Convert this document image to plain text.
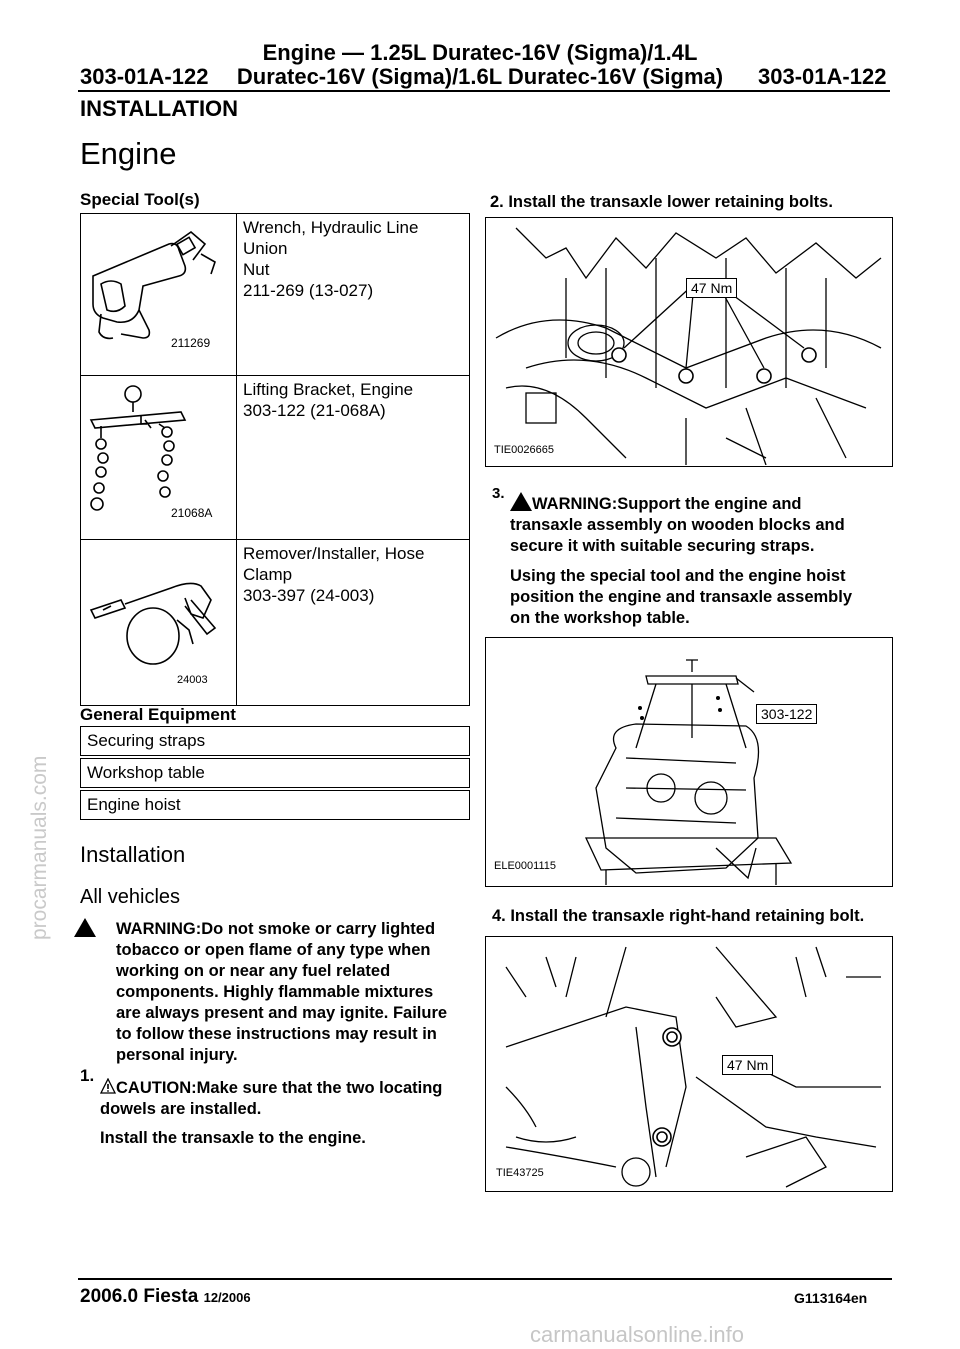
procarmanuals.com
Engine — 1.25L Duratec-16V (Sigma)/1.4L
Duratec-16V (Sigma)/1.6L Duratec-16V (Sigma)
303-01A-122	303-01A-122
INSTALLATION
Engine
Special Tool(s)
211269	Wrench, Hydraulic Line Union
Nut
211-269 (13-027)

21068A	Lifting Bracket, Engine
303-122 (21-068A)

24003	Remover/Installer, Hose
Clamp
303-397 (24-003)
General Equipment
Securing straps
Workshop table
Engine hoist
Installation
All vehicles
WARNING:Do not smoke or carry lighted
tobacco or open flame of any type when
working on or near any fuel related
components. Highly flammable mixtures
are always present and may ignite. Failure
to follow these instructions may result in
personal injury.
1.
CAUTION:Make sure that the two locating
dowels are installed.
Install the transaxle to the engine.
2. Install the transaxle lower retaining bolts.
47 Nm
TIE0026665
3.
WARNING:Support the engine and
transaxle assembly on wooden blocks and
secure it with suitable securing straps.
Using the special tool and the engine hoist
position the engine and transaxle assembly
on the workshop table.
303-122
ELE0001115
4. Install the transaxle right-hand retaining bolt.
47 Nm
TIE43725
2006.0 Fiesta 12/2006	G113164en
carmanualsonline.info
